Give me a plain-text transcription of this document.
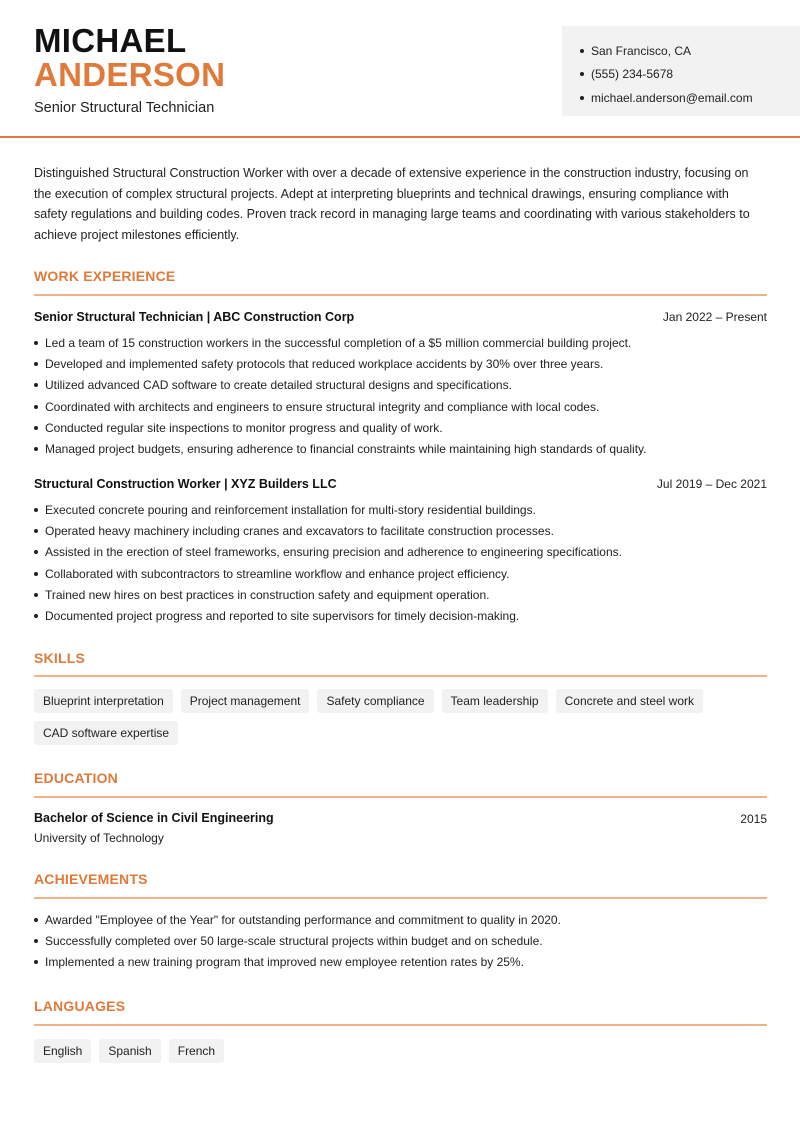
MICHAEL
ANDERSON
Senior Structural Technician
San Francisco, CA
(555) 234-5678
michael.anderson@email.com

Distinguished Structural Construction Worker with over a decade of extensive experience in the construction industry, focusing on the execution of complex structural projects. Adept at interpreting blueprints and technical drawings, ensuring compliance with safety regulations and building codes. Proven track record in managing large teams and coordinating with various stakeholders to achieve project milestones efficiently.

WORK EXPERIENCE
Senior Structural Technician | ABC Construction Corp	Jan 2022 – Present
Led a team of 15 construction workers in the successful completion of a $5 million commercial building project.
Developed and implemented safety protocols that reduced workplace accidents by 30% over three years.
Utilized advanced CAD software to create detailed structural designs and specifications.
Coordinated with architects and engineers to ensure structural integrity and compliance with local codes.
Conducted regular site inspections to monitor progress and quality of work.
Managed project budgets, ensuring adherence to financial constraints while maintaining high standards of quality.
Structural Construction Worker | XYZ Builders LLC	Jul 2019 – Dec 2021
Executed concrete pouring and reinforcement installation for multi-story residential buildings.
Operated heavy machinery including cranes and excavators to facilitate construction processes.
Assisted in the erection of steel frameworks, ensuring precision and adherence to engineering specifications.
Collaborated with subcontractors to streamline workflow and enhance project efficiency.
Trained new hires on best practices in construction safety and equipment operation.
Documented project progress and reported to site supervisors for timely decision-making.
SKILLS
Blueprint interpretation	Project management	Safety compliance	Team leadership	Concrete and steel work
CAD software expertise
EDUCATION
Bachelor of Science in Civil Engineering	2015
University of Technology
ACHIEVEMENTS
Awarded "Employee of the Year" for outstanding performance and commitment to quality in 2020.
Successfully completed over 50 large-scale structural projects within budget and on schedule.
Implemented a new training program that improved new employee retention rates by 25%.
LANGUAGES
English	Spanish	French
